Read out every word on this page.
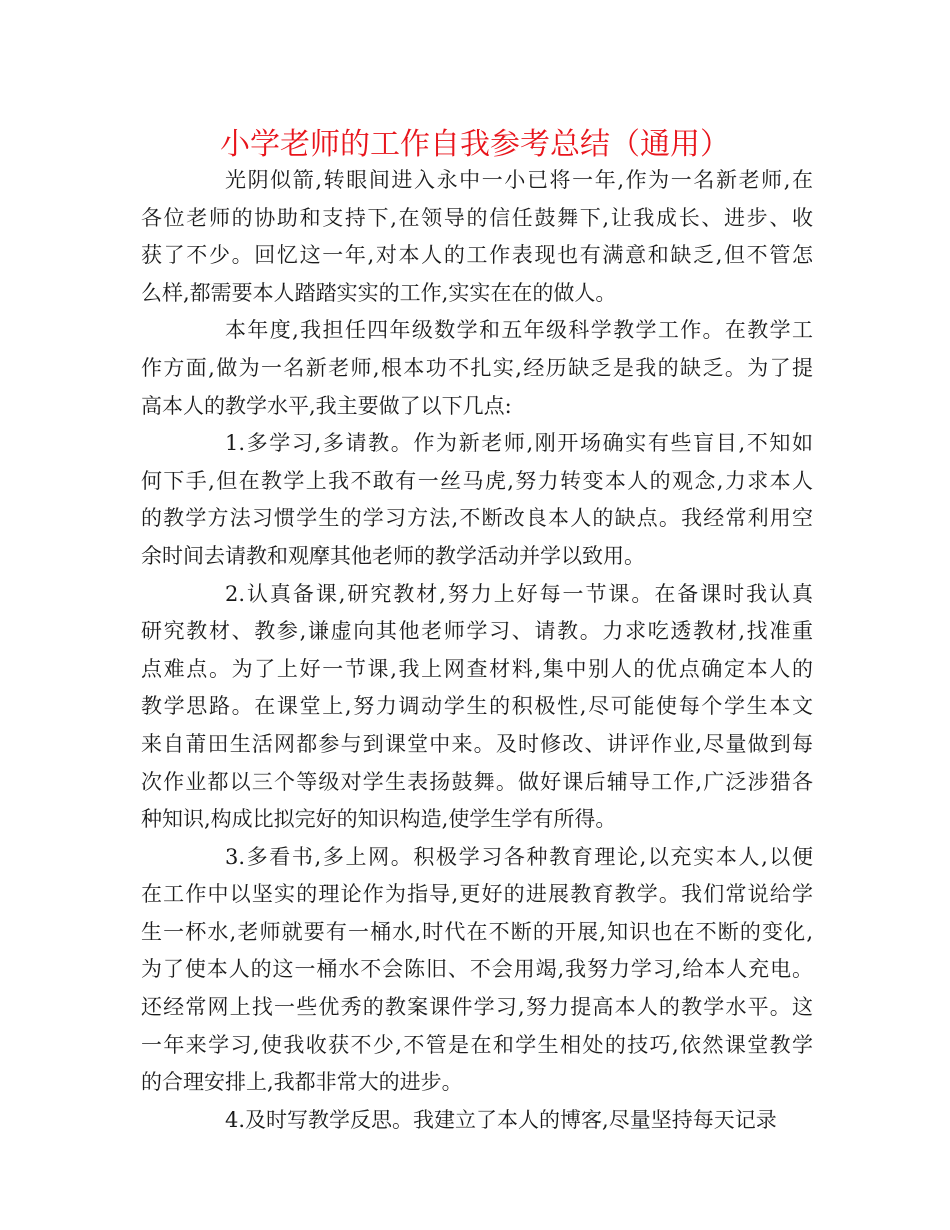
小学老师的工作自我参考总结（通用）
光阴似箭,转眼间进入永中一小已将一年,作为一名新老师,在
各位老师的协助和支持下,在领导的信任鼓舞下,让我成长、进步、收
获了不少。回忆这一年,对本人的工作表现也有满意和缺乏,但不管怎
么样,都需要本人踏踏实实的工作,实实在在的做人。
本年度,我担任四年级数学和五年级科学教学工作。在教学工
作方面,做为一名新老师,根本功不扎实,经历缺乏是我的缺乏。为了提
高本人的教学水平,我主要做了以下几点:
1.多学习,多请教。作为新老师,刚开场确实有些盲目,不知如
何下手,但在教学上我不敢有一丝马虎,努力转变本人的观念,力求本人
的教学方法习惯学生的学习方法,不断改良本人的缺点。我经常利用空
余时间去请教和观摩其他老师的教学活动并学以致用。
2.认真备课,研究教材,努力上好每一节课。在备课时我认真
研究教材、教参,谦虚向其他老师学习、请教。力求吃透教材,找准重
点难点。为了上好一节课,我上网查材料,集中别人的优点确定本人的
教学思路。在课堂上,努力调动学生的积极性,尽可能使每个学生本文
来自莆田生活网都参与到课堂中来。及时修改、讲评作业,尽量做到每
次作业都以三个等级对学生表扬鼓舞。做好课后辅导工作,广泛涉猎各
种知识,构成比拟完好的知识构造,使学生学有所得。
3.多看书,多上网。积极学习各种教育理论,以充实本人,以便
在工作中以坚实的理论作为指导,更好的进展教育教学。我们常说给学
生一杯水,老师就要有一桶水,时代在不断的开展,知识也在不断的变化,
为了使本人的这一桶水不会陈旧、不会用竭,我努力学习,给本人充电。
还经常网上找一些优秀的教案课件学习,努力提高本人的教学水平。这
一年来学习,使我收获不少,不管是在和学生相处的技巧,依然课堂教学
的合理安排上,我都非常大的进步。
4.及时写教学反思。我建立了本人的博客,尽量坚持每天记录
